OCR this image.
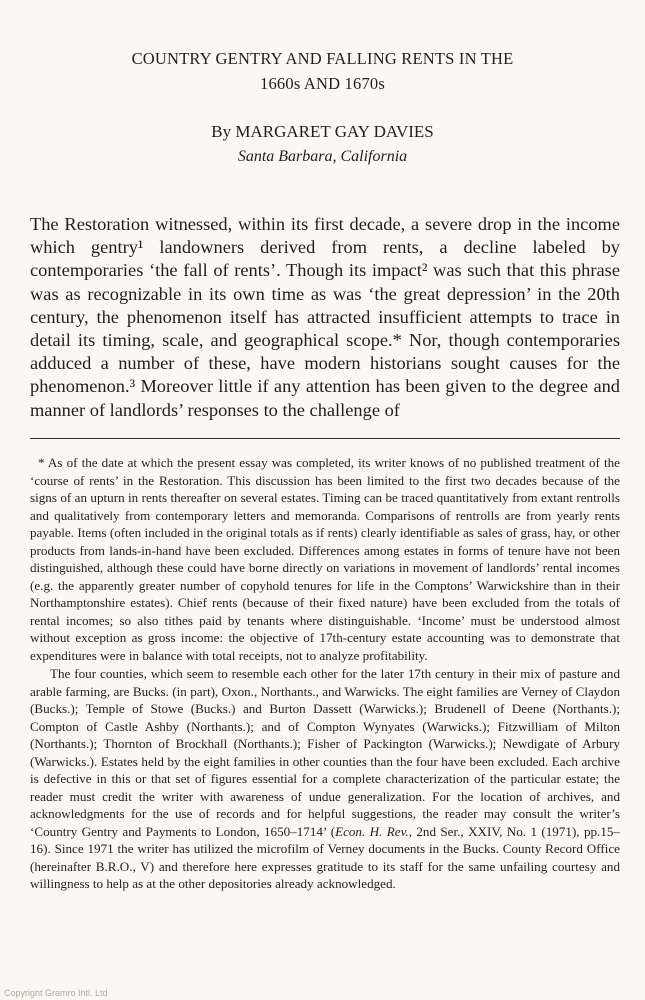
COUNTRY GENTRY AND FALLING RENTS IN THE
1660s AND 1670s
By MARGARET GAY DAVIES
Santa Barbara, California
The Restoration witnessed, within its first decade, a severe drop in the income which gentry¹ landowners derived from rents, a decline labeled by contemporaries ‘the fall of rents’. Though its impact² was such that this phrase was as recognizable in its own time as was ‘the great depression’ in the 20th century, the phenomenon itself has attracted insufficient attempts to trace in detail its timing, scale, and geographical scope.* Nor, though contemporaries adduced a number of these, have modern historians sought causes for the phenomenon.³ Moreover little if any attention has been given to the degree and manner of landlords’ responses to the challenge of

* As of the date at which the present essay was completed, its writer knows of no published treatment of the ‘course of rents’ in the Restoration. This discussion has been limited to the first two decades because of the signs of an upturn in rents thereafter on several estates. Timing can be traced quantitatively from extant rentrolls and qualitatively from contemporary letters and memoranda. Comparisons of rentrolls are from yearly rents payable. Items (often included in the original totals as if rents) clearly identifiable as sales of grass, hay, or other products from lands-in-hand have been excluded. Differences among estates in forms of tenure have not been distinguished, although these could have borne directly on variations in movement of landlords’ rental incomes (e.g. the apparently greater number of copyhold tenures for life in the Comptons’ Warwickshire than in their Northamptonshire estates). Chief rents (because of their fixed nature) have been excluded from the totals of rental incomes; so also tithes paid by tenants where distinguishable. ‘Income’ must be understood almost without exception as gross income: the objective of 17th-century estate accounting was to demonstrate that expenditures were in balance with total receipts, not to analyze profitability.

The four counties, which seem to resemble each other for the later 17th century in their mix of pasture and arable farming, are Bucks. (in part), Oxon., Northants., and Warwicks. The eight families are Verney of Claydon (Bucks.); Temple of Stowe (Bucks.) and Burton Dassett (Warwicks.); Brudenell of Deene (Northants.); Compton of Castle Ashby (Northants.); and of Compton Wynyates (Warwicks.); Fitzwilliam of Milton (Northants.); Thornton of Brockhall (Northants.); Fisher of Packington (Warwicks.); Newdigate of Arbury (Warwicks.). Estates held by the eight families in other counties than the four have been excluded. Each archive is defective in this or that set of figures essential for a complete characterization of the particular estate; the reader must credit the writer with awareness of undue generalization. For the location of archives, and acknowledgments for the use of records and for helpful suggestions, the reader may consult the writer’s ‘Country Gentry and Payments to London, 1650–1714’ (Econ. H. Rev., 2nd Ser., XXIV, No. 1 (1971), pp.15–16). Since 1971 the writer has utilized the microfilm of Verney documents in the Bucks. County Record Office (hereinafter B.R.O., V) and therefore here expresses gratitude to its staff for the same unfailing courtesy and willingness to help as at the other depositories already acknowledged.

Copyright Gramro Intl. Ltd
